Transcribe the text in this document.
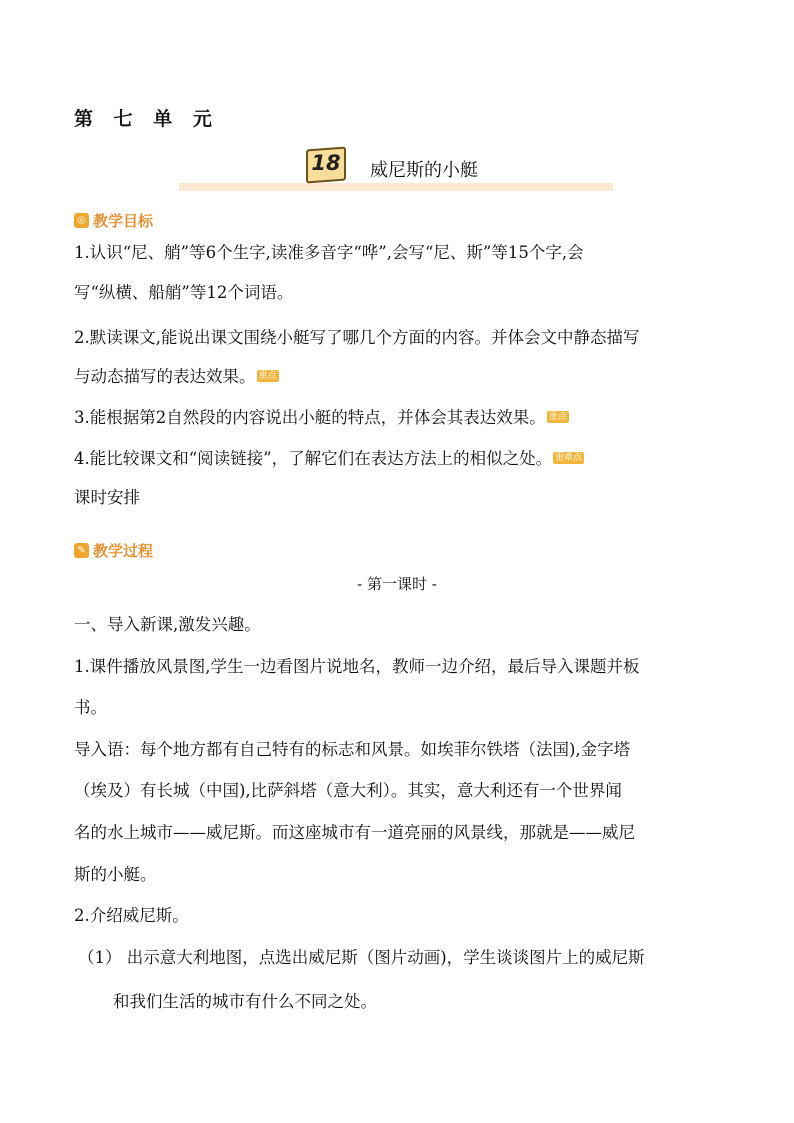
第 七 单 元
18 威尼斯的小艇
◎ 教学目标
1.认识“尼、艄”等6个生字,读准多音字“哗”,会写“尼、斯”等15个字,会
写“纵横、船艄”等12个词语。
2.默读课文,能说出课文围绕小艇写了哪几个方面的内容。并体会文中静态描写
与动态描写的表达效果。 重点
3.能根据第2自然段的内容说出小艇的特点，并体会其表达效果。 重点
4.能比较课文和“阅读链接”，了解它们在表达方法上的相似之处。 重难点
课时安排
✎ 教学过程
- 第一课时 -
一、导入新课,激发兴趣。
1.课件播放风景图,学生一边看图片说地名，教师一边介绍，最后导入课题并板
书。
导入语：每个地方都有自己特有的标志和风景。如埃菲尔铁塔（法国),金字塔
（埃及）有长城（中国),比萨斜塔（意大利）。其实，意大利还有一个世界闻
名的水上城市——威尼斯。而这座城市有一道亮丽的风景线，那就是——威尼
斯的小艇。
2.介绍威尼斯。
（1） 出示意大利地图，点选出威尼斯（图片动画)，学生谈谈图片上的威尼斯
和我们生活的城市有什么不同之处。
